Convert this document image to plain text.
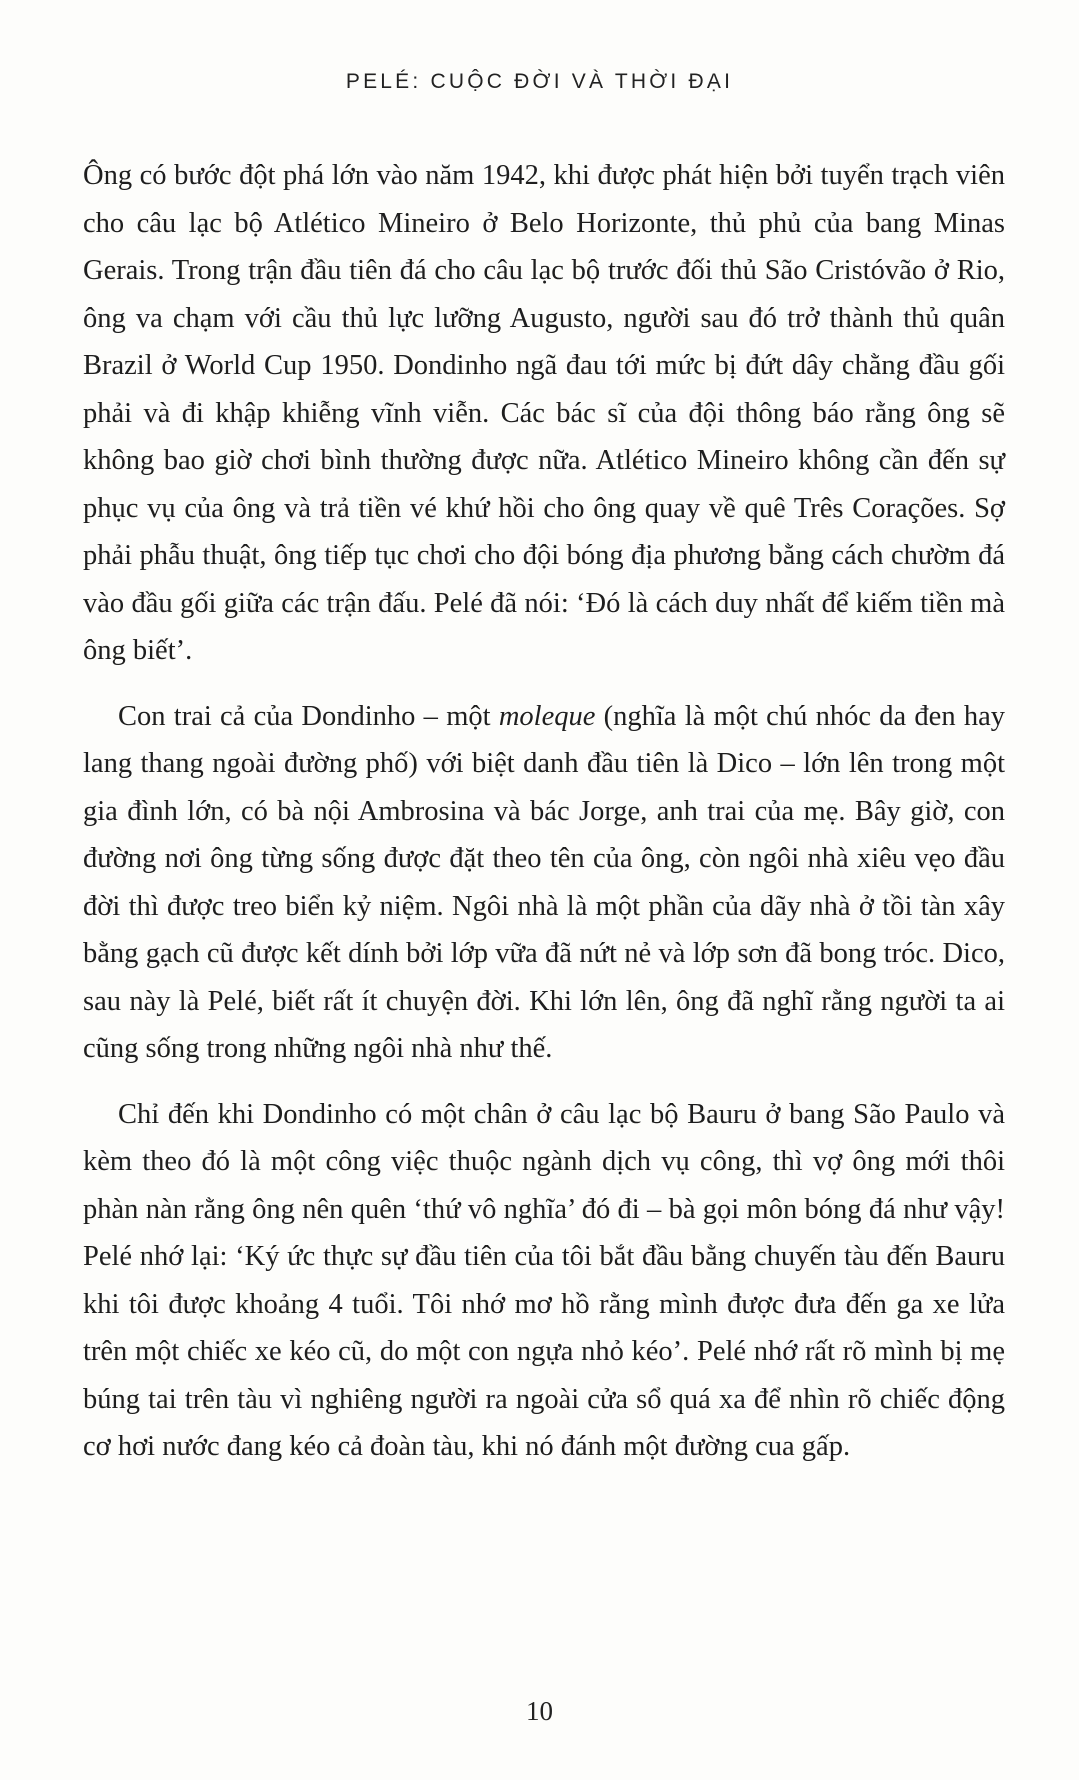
PELÉ: CUỘC ĐỜI VÀ THỜI ĐẠI

Ông có bước đột phá lớn vào năm 1942, khi được phát hiện bởi tuyển trạch viên cho câu lạc bộ Atlético Mineiro ở Belo Horizonte, thủ phủ của bang Minas Gerais. Trong trận đầu tiên đá cho câu lạc bộ trước đối thủ São Cristóvão ở Rio, ông va chạm với cầu thủ lực lưỡng Augusto, người sau đó trở thành thủ quân Brazil ở World Cup 1950. Dondinho ngã đau tới mức bị đứt dây chằng đầu gối phải và đi khập khiễng vĩnh viễn. Các bác sĩ của đội thông báo rằng ông sẽ không bao giờ chơi bình thường được nữa. Atlético Mineiro không cần đến sự phục vụ của ông và trả tiền vé khứ hồi cho ông quay về quê Três Corações. Sợ phải phẫu thuật, ông tiếp tục chơi cho đội bóng địa phương bằng cách chườm đá vào đầu gối giữa các trận đấu. Pelé đã nói: ‘Đó là cách duy nhất để kiếm tiền mà ông biết’.

Con trai cả của Dondinho – một moleque (nghĩa là một chú nhóc da đen hay lang thang ngoài đường phố) với biệt danh đầu tiên là Dico – lớn lên trong một gia đình lớn, có bà nội Ambrosina và bác Jorge, anh trai của mẹ. Bây giờ, con đường nơi ông từng sống được đặt theo tên của ông, còn ngôi nhà xiêu vẹo đầu đời thì được treo biển kỷ niệm. Ngôi nhà là một phần của dãy nhà ở tồi tàn xây bằng gạch cũ được kết dính bởi lớp vữa đã nứt nẻ và lớp sơn đã bong tróc. Dico, sau này là Pelé, biết rất ít chuyện đời. Khi lớn lên, ông đã nghĩ rằng người ta ai cũng sống trong những ngôi nhà như thế.

Chỉ đến khi Dondinho có một chân ở câu lạc bộ Bauru ở bang São Paulo và kèm theo đó là một công việc thuộc ngành dịch vụ công, thì vợ ông mới thôi phàn nàn rằng ông nên quên ‘thứ vô nghĩa’ đó đi – bà gọi môn bóng đá như vậy! Pelé nhớ lại: ‘Ký ức thực sự đầu tiên của tôi bắt đầu bằng chuyến tàu đến Bauru khi tôi được khoảng 4 tuổi. Tôi nhớ mơ hồ rằng mình được đưa đến ga xe lửa trên một chiếc xe kéo cũ, do một con ngựa nhỏ kéo’. Pelé nhớ rất rõ mình bị mẹ búng tai trên tàu vì nghiêng người ra ngoài cửa sổ quá xa để nhìn rõ chiếc động cơ hơi nước đang kéo cả đoàn tàu, khi nó đánh một đường cua gấp.

10
